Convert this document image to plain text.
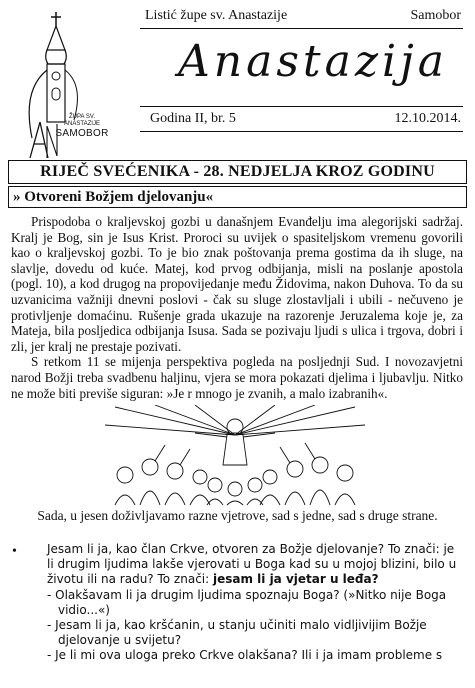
ŽUPA SV.
ANASTAZIJE
SAMOBOR
Listić župe sv. Anastazije	Samobor
Anastazija
Godina II, br. 5	12.10.2014.
RIJEČ SVEĆENIKA - 28. NEDJELJA KROZ GODINU
» Otvoreni Božjem djelovanju«

Prispodoba o kraljevskoj gozbi u današnjem Evanđelju ima alegorijski sadržaj. Kralj je Bog, sin je Isus Krist. Proroci su uvijek o spasiteljskom vremenu govorili kao o kraljevskoj gozbi. To je bio znak poštovanja prema gostima da ih sluge, na slavlje, dovedu od kuće. Matej, kod prvog odbijanja, misli na poslanje apostola (pogl. 10), a kod drugog na propovijedanje među Židovima, nakon Duhova. To da su uzvanicima važniji dnevni poslovi - čak su sluge zlostavljali i ubili - nečuveno je protivljenje domaćinu. Rušenje grada ukazuje na razorenje Jeruzalema koje je, za Mateja, bila posljedica odbijanja Isusa. Sada se pozivaju ljudi s ulica i trgova, dobri i zli, jer kralj ne prestaje pozivati.

S retkom 11 se mijenja perspektiva pogleda na posljednji Sud. I novozavjetni narod Božji treba svadbenu haljinu, vjera se mora pokazati djelima i ljubavlju. Nitko ne može biti previše siguran: »Je r mnogo je zvanih, a malo izabranih«.

Sada, u jesen doživljavamo razne vjetrove, sad s jedne, sad s druge strane.
•	Jesam li ja, kao član Crkve, otvoren za Božje djelovanje? To znači: je li drugim ljudima lakše vjerovati u Boga kad su u mojoj blizini, bilo u životu ili na radu? To znači: jesam li ja vjetar u leđa?

- Olakšavam li ja drugim ljudima spoznaju Boga? (»Nitko nije Boga vidio...«)

- Jesam li ja, kao kršćanin, u stanju učiniti malo vidljivijim Božje djelovanje u svijetu?

- Je li mi ova uloga preko Crkve olakšana? Ili i ja imam probleme s
